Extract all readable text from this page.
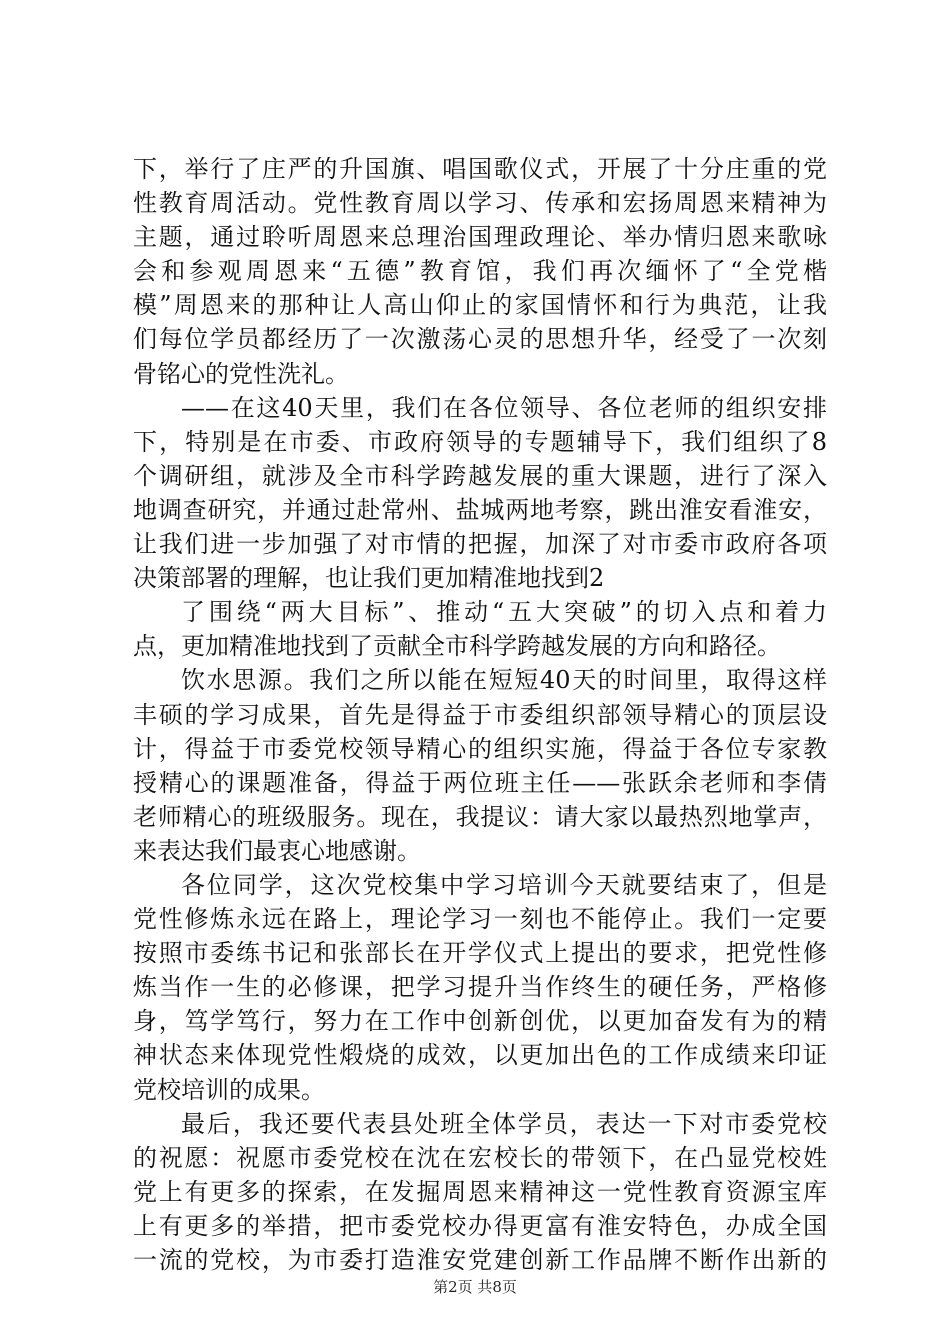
下，举行了庄严的升国旗、唱国歌仪式，开展了十分庄重的党
性教育周活动。党性教育周以学习、传承和宏扬周恩来精神为
主题，通过聆听周恩来总理治国理政理论、举办情归恩来歌咏
会和参观周恩来“五德”教育馆，我们再次缅怀了“全党楷
模”周恩来的那种让人高山仰止的家国情怀和行为典范，让我
们每位学员都经历了一次激荡心灵的思想升华，经受了一次刻
骨铭心的党性洗礼。
——在这40天里，我们在各位领导、各位老师的组织安排
下，特别是在市委、市政府领导的专题辅导下，我们组织了8
个调研组，就涉及全市科学跨越发展的重大课题，进行了深入
地调查研究，并通过赴常州、盐城两地考察，跳出淮安看淮安，
让我们进一步加强了对市情的把握，加深了对市委市政府各项
决策部署的理解，也让我们更加精准地找到2
了围绕“两大目标”、推动“五大突破”的切入点和着力
点，更加精准地找到了贡献全市科学跨越发展的方向和路径。
饮水思源。我们之所以能在短短40天的时间里，取得这样
丰硕的学习成果，首先是得益于市委组织部领导精心的顶层设
计，得益于市委党校领导精心的组织实施，得益于各位专家教
授精心的课题准备，得益于两位班主任——张跃余老师和李倩
老师精心的班级服务。现在，我提议：请大家以最热烈地掌声，
来表达我们最衷心地感谢。
各位同学，这次党校集中学习培训今天就要结束了，但是
党性修炼永远在路上，理论学习一刻也不能停止。我们一定要
按照市委练书记和张部长在开学仪式上提出的要求，把党性修
炼当作一生的必修课，把学习提升当作终生的硬任务，严格修
身，笃学笃行，努力在工作中创新创优，以更加奋发有为的精
神状态来体现党性煅烧的成效，以更加出色的工作成绩来印证
党校培训的成果。
最后，我还要代表县处班全体学员，表达一下对市委党校
的祝愿：祝愿市委党校在沈在宏校长的带领下，在凸显党校姓
党上有更多的探索，在发掘周恩来精神这一党性教育资源宝库
上有更多的举措，把市委党校办得更富有淮安特色，办成全国
一流的党校，为市委打造淮安党建创新工作品牌不断作出新的
第2页 共8页
